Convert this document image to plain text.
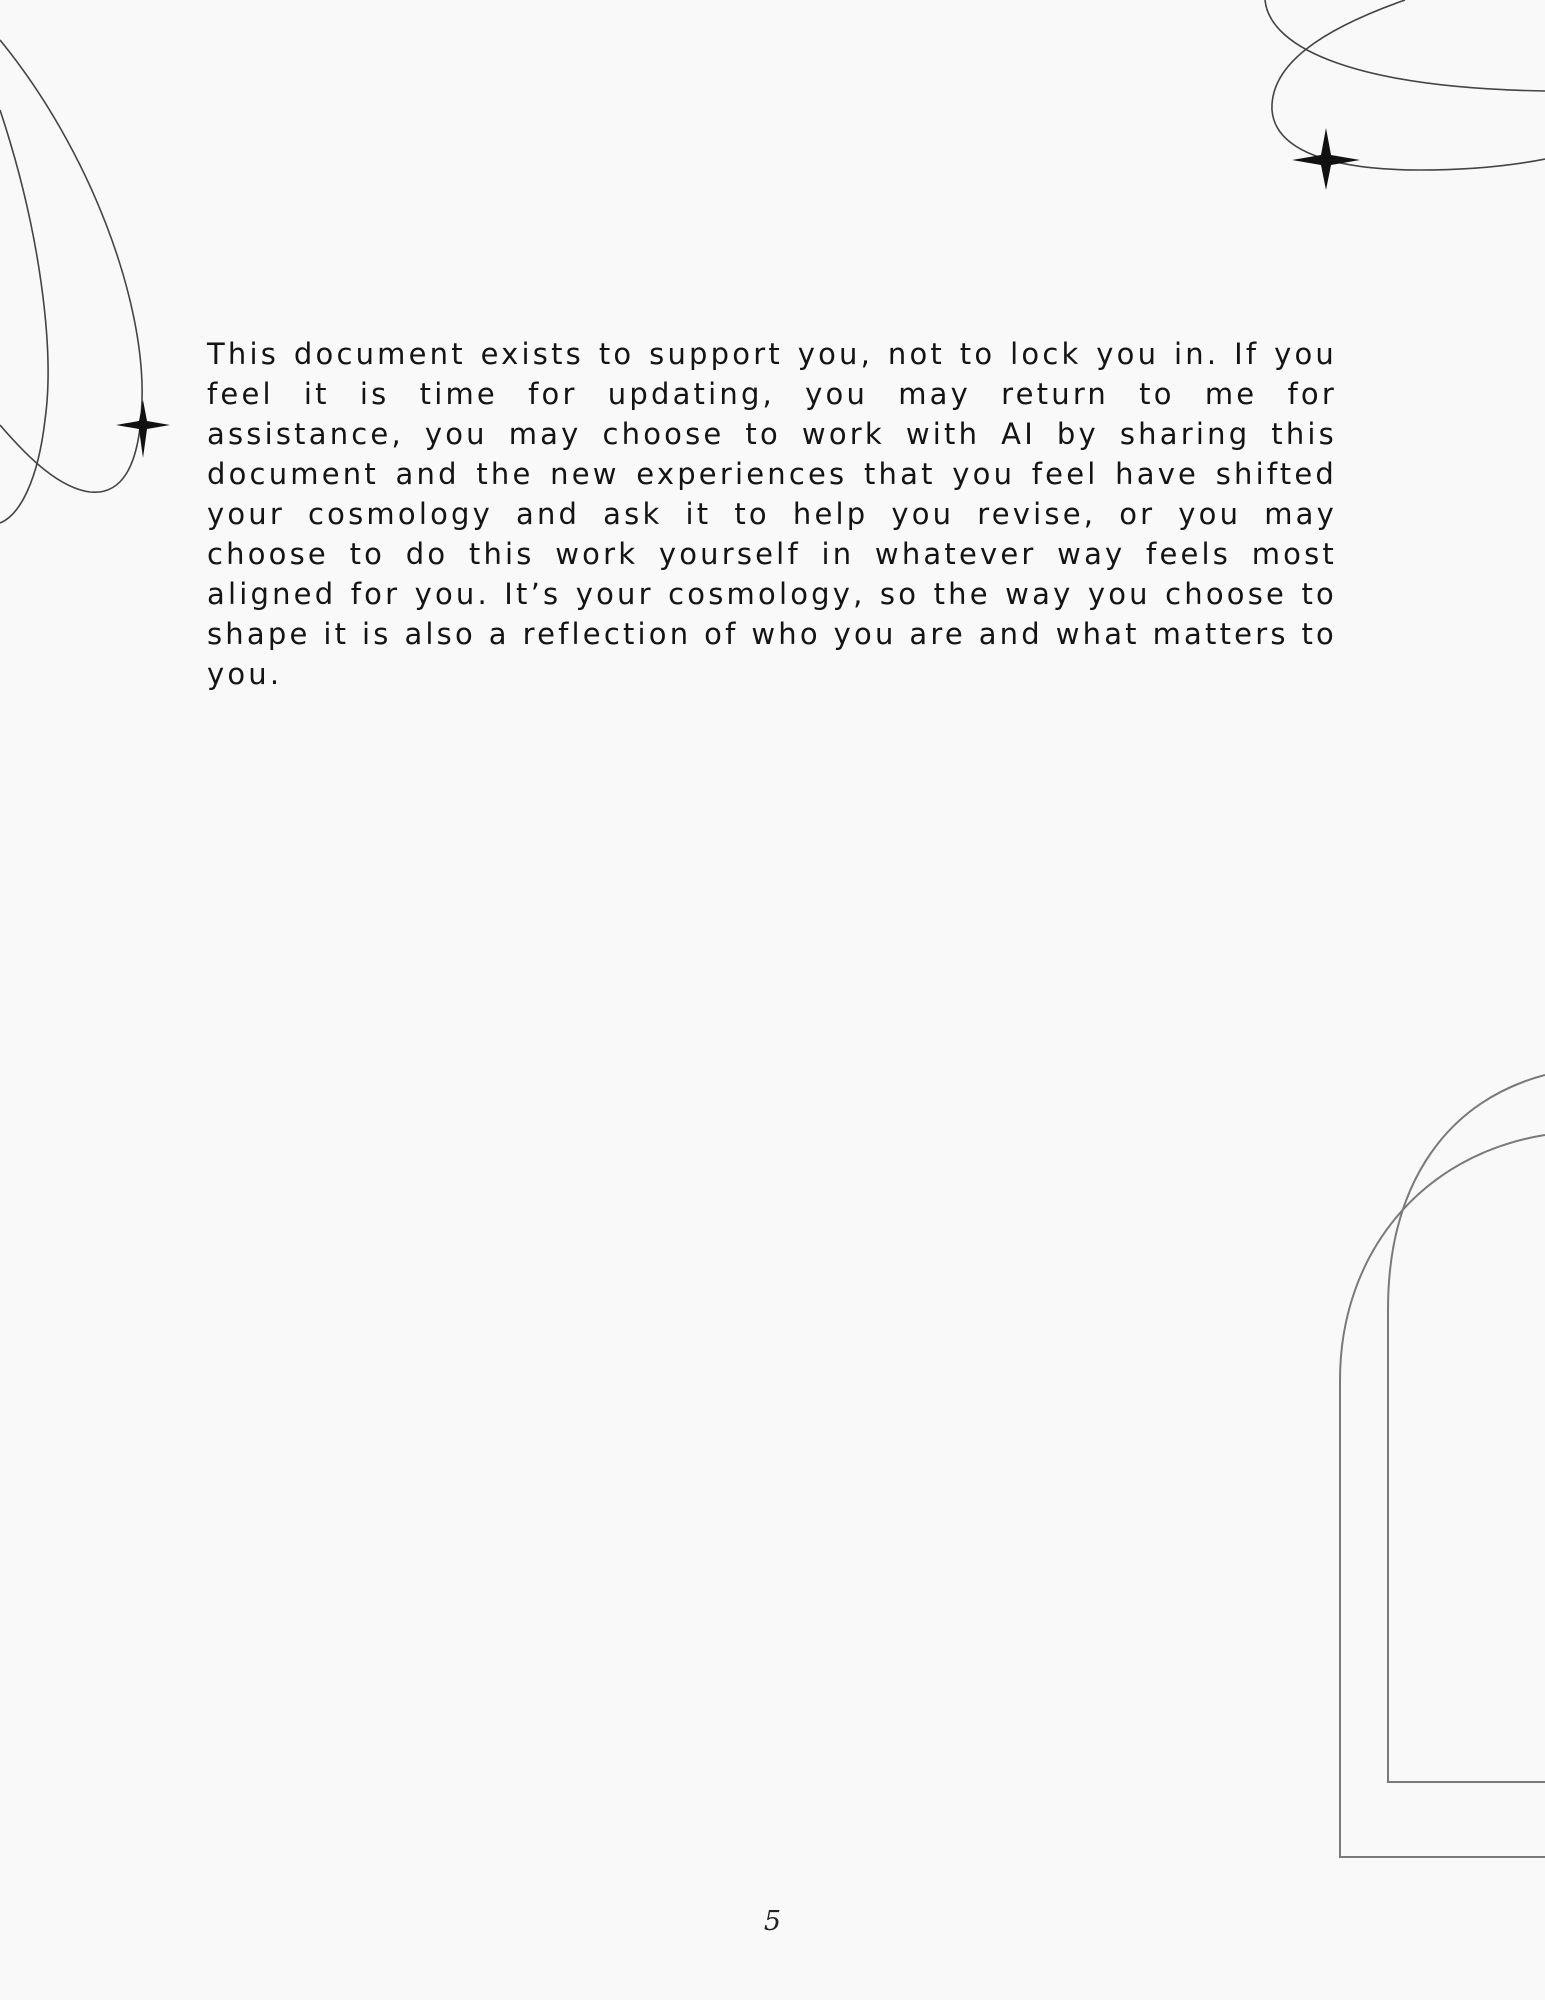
This document exists to support you, not to lock you in. If you feel it is time for updating, you may return to me for assistance, you may choose to work with AI by sharing this document and the new experiences that you feel have shifted your cosmology and ask it to help you revise, or you may choose to do this work yourself in whatever way feels most aligned for you. It’s your cosmology, so the way you choose to shape it is also a reflection of who you are and what matters to you.

5
